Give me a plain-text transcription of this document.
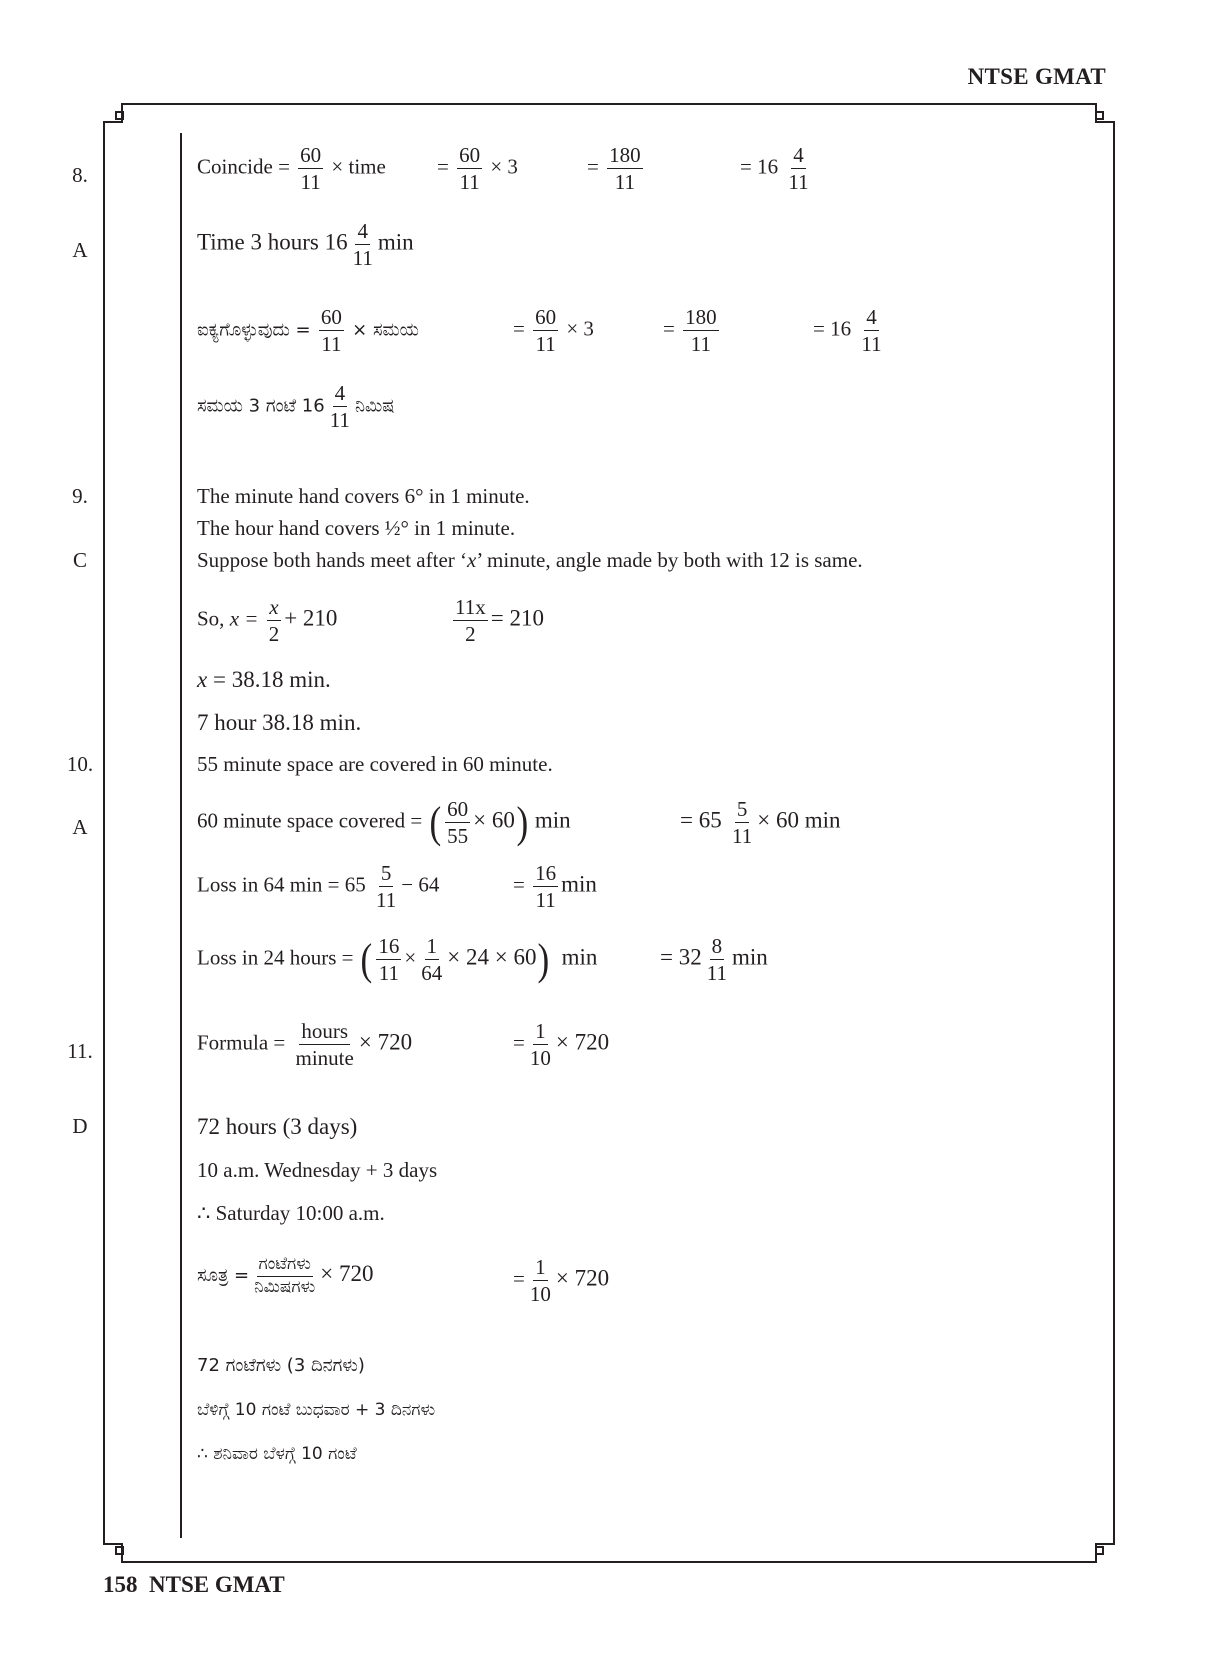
NTSE GMAT
8.
A
9.
C
10.
A
11.
D
Coincide = $\frac{60}{11}$ × time = $\frac{60}{11} \times 3$	= $\frac{180}{11}$	= $16 \frac{4}{11}$
Time 3 hours $16 \frac{4}{11}$ min
ಐಕ್ಯಗೊಳ್ಳುವುದು = $\frac{60}{11}$ × ಸಮಯ	= $\frac{60}{11} \times 3$	= $\frac{180}{11}$	= $16 \frac{4}{11}$
ಸಮಯ 3 ಗಂಟೆ $16 \frac{4}{11}$ ನಿಮಿಷ
The minute hand covers 6° in 1 minute.
The hour hand covers ½° in 1 minute.
Suppose both hands meet after ‘x’ minute, angle made by both with 12 is same.
So, $x = \frac{x}{2} + 210$	$\frac{11x}{2} = 210$
x = 38.18 min.
7 hour 38.18 min.
55 minute space are covered in 60 minute.
60 minute space covered = ( $\frac{60}{55} \times 60$) min	= $65 \frac{5}{11} \times 60$ min
Loss in 64 $\min = 65 \frac{5}{11} - 64$	= $\frac{16}{11}$ min
Loss in 24 hours = ( $\frac{16}{11} \times \frac{1}{64} \times 24 \times 60$) min	= $32 \frac{8}{11}$ min
Formula = $\frac{\text{hours}}{\text{minute}} \times 720$	= $\frac{1}{10} \times 720$
72 hours (3 days)
10 a.m. Wednesday + 3 days
∴ Saturday 10:00 a.m.
ಸೂತ್ರ = $\frac{\text{ಗಂಟೆಗಳು}}{\text{ನಿಮಿಷಗಳು}} \times 720$	= $\frac{1}{10} \times 720$
72 ಗಂಟೆಗಳು (3 ದಿನಗಳು)
ಬೆಳಿಗ್ಗೆ 10 ಗಂಟೆ ಬುಧವಾರ + 3 ದಿನಗಳು
∴ ಶನಿವಾರ ಬೆಳಗ್ಗೆ 10 ಗಂಟೆ
158  NTSE GMAT
